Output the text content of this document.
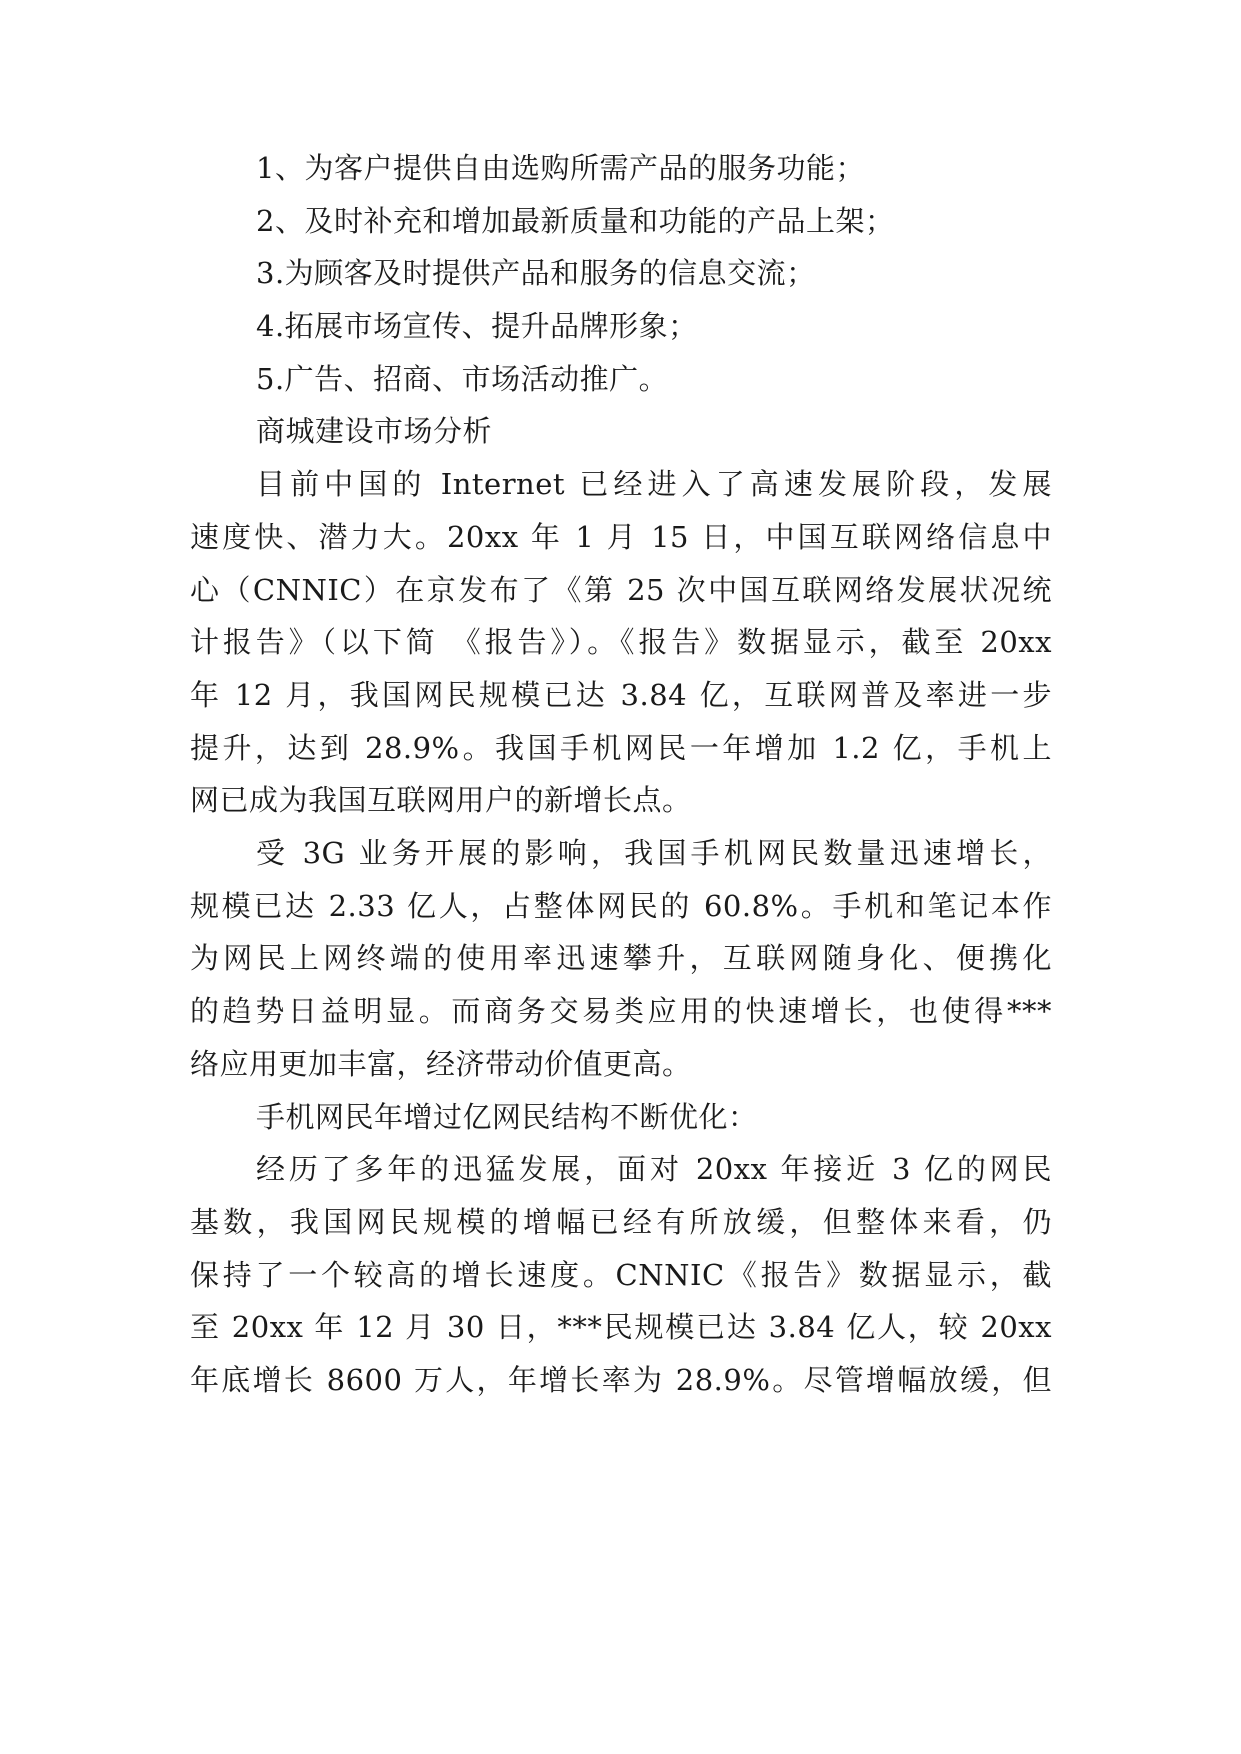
1、为客户提供自由选购所需产品的服务功能；
2、及时补充和增加最新质量和功能的产品上架；
3.为顾客及时提供产品和服务的信息交流；
4.拓展市场宣传、提升品牌形象；
5.广告、招商、市场活动推广。
商城建设市场分析
目前中国的 Internet 已经进入了高速发展阶段，发展
速度快、潜力大。20xx 年 1 月 15 日，中国互联网络信息中
心（CNNIC）在京发布了《第 25 次中国互联网络发展状况统
计报告》（以下简 《报告》）。《报告》数据显示，截至 20xx
年 12 月，我国网民规模已达 3.84 亿，互联网普及率进一步
提升，达到 28.9%。我国手机网民一年增加 1.2 亿，手机上
网已成为我国互联网用户的新增长点。
受 3G 业务开展的影响，我国手机网民数量迅速增长，
规模已达 2.33 亿人，占整体网民的 60.8%。手机和笔记本作
为网民上网终端的使用率迅速攀升，互联网随身化、便携化
的趋势日益明显。而商务交易类应用的快速增长，也使得***
络应用更加丰富，经济带动价值更高。
手机网民年增过亿网民结构不断优化：
经历了多年的迅猛发展，面对 20xx 年接近 3 亿的网民
基数，我国网民规模的增幅已经有所放缓，但整体来看，仍
保持了一个较高的增长速度。CNNIC《报告》数据显示，截
至 20xx 年 12 月 30 日，***民规模已达 3.84 亿人，较 20xx
年底增长 8600 万人，年增长率为 28.9%。尽管增幅放缓，但
